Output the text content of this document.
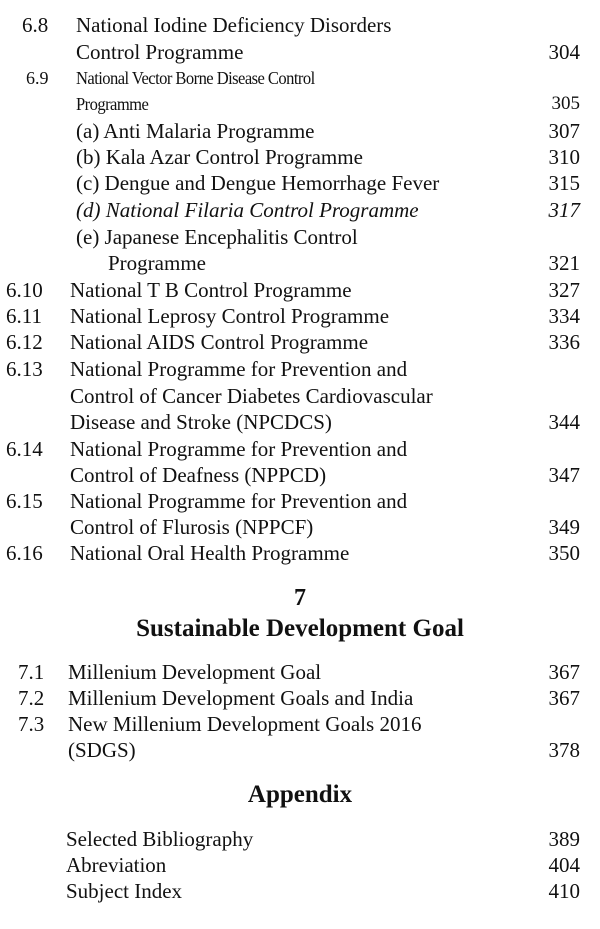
6.8 National Iodine Deficiency Disorders
Control Programme	304
6.9 National Vector Borne Disease Control
Programme	305
(a) Anti Malaria Programme	307
(b) Kala Azar Control Programme	310
(c) Dengue and Dengue Hemorrhage Fever	315
(d) National Filaria Control Programme	317
(e) Japanese Encephalitis Control
Programme	321
6.10 National T B Control Programme	327
6.11 National Leprosy Control Programme	334
6.12 National AIDS Control Programme	336
6.13 National Programme for Prevention and
Control of Cancer Diabetes Cardiovascular
Disease and Stroke (NPCDCS)	344
6.14 National Programme for Prevention and
Control of Deafness (NPPCD)	347
6.15 National Programme for Prevention and
Control of Flurosis (NPPCF)	349
6.16 National Oral Health Programme	350
7
Sustainable Development Goal
7.1 Millenium Development Goal	367
7.2 Millenium Development Goals and India	367
7.3 New Millenium Development Goals 2016
(SDGS)	378
Appendix
Selected Bibliography	389
Abreviation	404
Subject Index	410
